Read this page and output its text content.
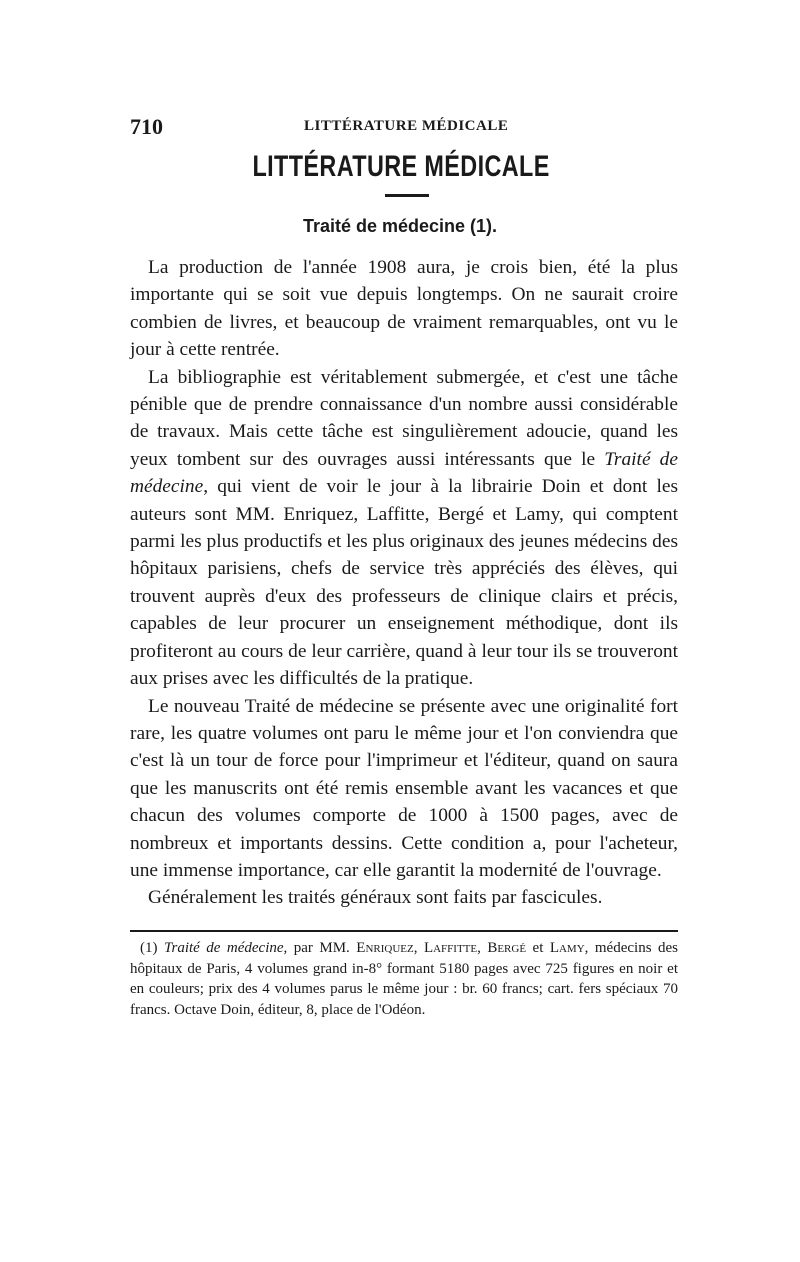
710	LITTÉRATURE MÉDICALE
LITTÉRATURE MÉDICALE
Traité de médecine (1).

La production de l'année 1908 aura, je crois bien, été la plus importante qui se soit vue depuis longtemps. On ne saurait croire combien de livres, et beaucoup de vraiment remarquables, ont vu le jour à cette rentrée.

La bibliographie est véritablement submergée, et c'est une tâche pénible que de prendre connaissance d'un nombre aussi considérable de travaux. Mais cette tâche est singulièrement adoucie, quand les yeux tombent sur des ouvrages aussi intéressants que le Traité de médecine, qui vient de voir le jour à la librairie Doin et dont les auteurs sont MM. Enriquez, Laffitte, Bergé et Lamy, qui comptent parmi les plus productifs et les plus originaux des jeunes médecins des hôpitaux parisiens, chefs de service très appréciés des élèves, qui trouvent auprès d'eux des professeurs de clinique clairs et précis, capables de leur procurer un enseignement méthodique, dont ils profiteront au cours de leur carrière, quand à leur tour ils se trouveront aux prises avec les difficultés de la pratique.

Le nouveau Traité de médecine se présente avec une originalité fort rare, les quatre volumes ont paru le même jour et l'on conviendra que c'est là un tour de force pour l'imprimeur et l'éditeur, quand on saura que les manuscrits ont été remis ensemble avant les vacances et que chacun des volumes comporte de 1000 à 1500 pages, avec de nombreux et importants dessins. Cette condition a, pour l'acheteur, une immense importance, car elle garantit la modernité de l'ouvrage.

Généralement les traités généraux sont faits par fascicules.

(1) Traité de médecine, par MM. Enriquez, Laffitte, Bergé et Lamy, médecins des hôpitaux de Paris, 4 volumes grand in-8° formant 5180 pages avec 725 figures en noir et en couleurs; prix des 4 volumes parus le même jour : br. 60 francs; cart. fers spéciaux 70 francs. Octave Doin, éditeur, 8, place de l'Odéon.
